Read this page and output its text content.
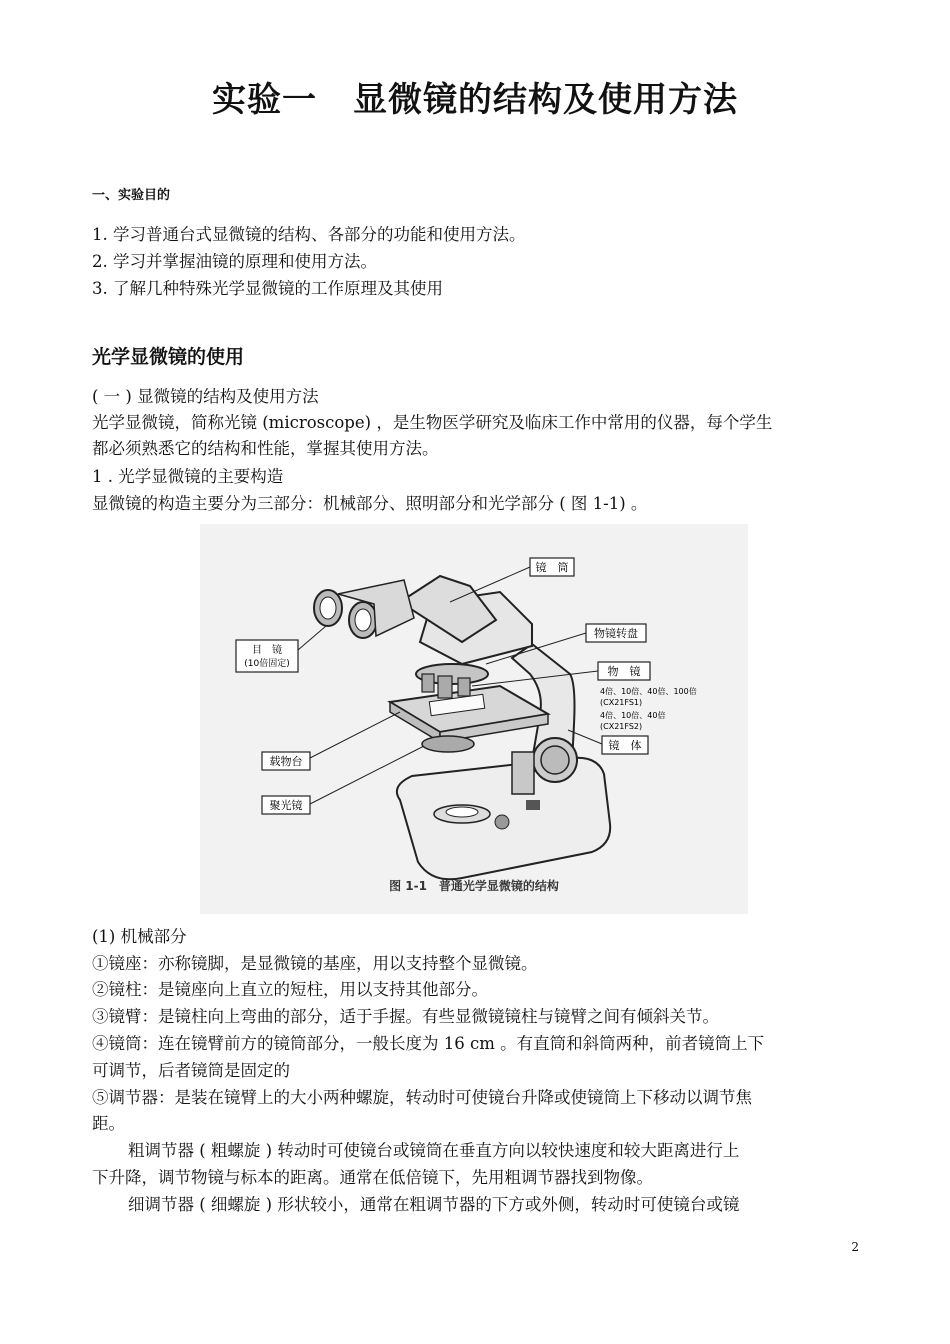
实验一 显微镜的结构及使用方法
一、实验目的
1. 学习普通台式显微镜的结构、各部分的功能和使用方法。
2. 学习并掌握油镜的原理和使用方法。
3. 了解几种特殊光学显微镜的工作原理及其使用
光学显微镜的使用
( 一 ) 显微镜的结构及使用方法
光学显微镜，简称光镜 (microscope) ，是生物医学研究及临床工作中常用的仪器，每个学生
都必须熟悉它的结构和性能，掌握其使用方法。
1 . 光学显微镜的主要构造
显微镜的构造主要分为三部分：机械部分、照明部分和光学部分 ( 图 1-1) 。
镜　筒
物镜转盘
物　镜
4倍、10倍、40倍、100倍
(CX21FS1)
4倍、10倍、40倍
(CX21FS2)
目　镜
(10倍固定)
镜　体
载物台
聚光镜
图 1-1　普通光学显微镜的结构
(1) 机械部分
①镜座：亦称镜脚，是显微镜的基座，用以支持整个显微镜。
②镜柱：是镜座向上直立的短柱，用以支持其他部分。
③镜臂：是镜柱向上弯曲的部分，适于手握。有些显微镜镜柱与镜臂之间有倾斜关节。
④镜筒：连在镜臂前方的镜筒部分，一般长度为 16 cm 。有直筒和斜筒两种，前者镜筒上下
可调节，后者镜筒是固定的
⑤调节器：是装在镜臂上的大小两种螺旋，转动时可使镜台升降或使镜筒上下移动以调节焦
距。
粗调节器 ( 粗螺旋 ) 转动时可使镜台或镜筒在垂直方向以较快速度和较大距离进行上
下升降，调节物镜与标本的距离。通常在低倍镜下，先用粗调节器找到物像。
细调节器 ( 细螺旋 ) 形状较小，通常在粗调节器的下方或外侧，转动时可使镜台或镜
2
